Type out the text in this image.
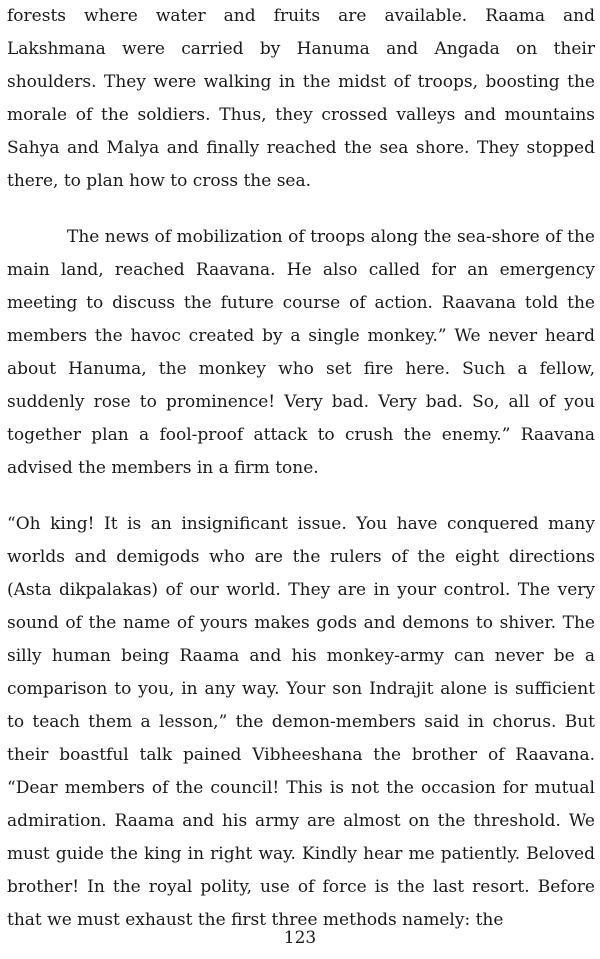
forests where water and fruits are available. Raama and Lakshmana were carried by Hanuma and Angada on their shoulders. They were walking in the midst of troops, boosting the morale of the soldiers. Thus, they crossed valleys and mountains Sahya and Malya and finally reached the sea shore. They stopped there, to plan how to cross the sea.

The news of mobilization of troops along the sea-shore of the main land, reached Raavana. He also called for an emergency meeting to discuss the future course of action. Raavana told the members the havoc created by a single monkey.” We never heard about Hanuma, the monkey who set fire here. Such a fellow, suddenly rose to prominence! Very bad. Very bad. So, all of you together plan a fool-proof attack to crush the enemy.” Raavana advised the members in a firm tone.

“Oh king! It is an insignificant issue. You have conquered many worlds and demigods who are the rulers of the eight directions (Asta dikpalakas) of our world. They are in your control. The very sound of the name of yours makes gods and demons to shiver. The silly human being Raama and his monkey-army can never be a comparison to you, in any way. Your son Indrajit alone is sufficient to teach them a lesson,” the demon-members said in chorus. But their boastful talk pained Vibheeshana the brother of Raavana. “Dear members of the council! This is not the occasion for mutual admiration. Raama and his army are almost on the threshold. We must guide the king in right way. Kindly hear me patiently. Beloved brother! In the royal polity, use of force is the last resort. Before that we must exhaust the first three methods namely: the

123
